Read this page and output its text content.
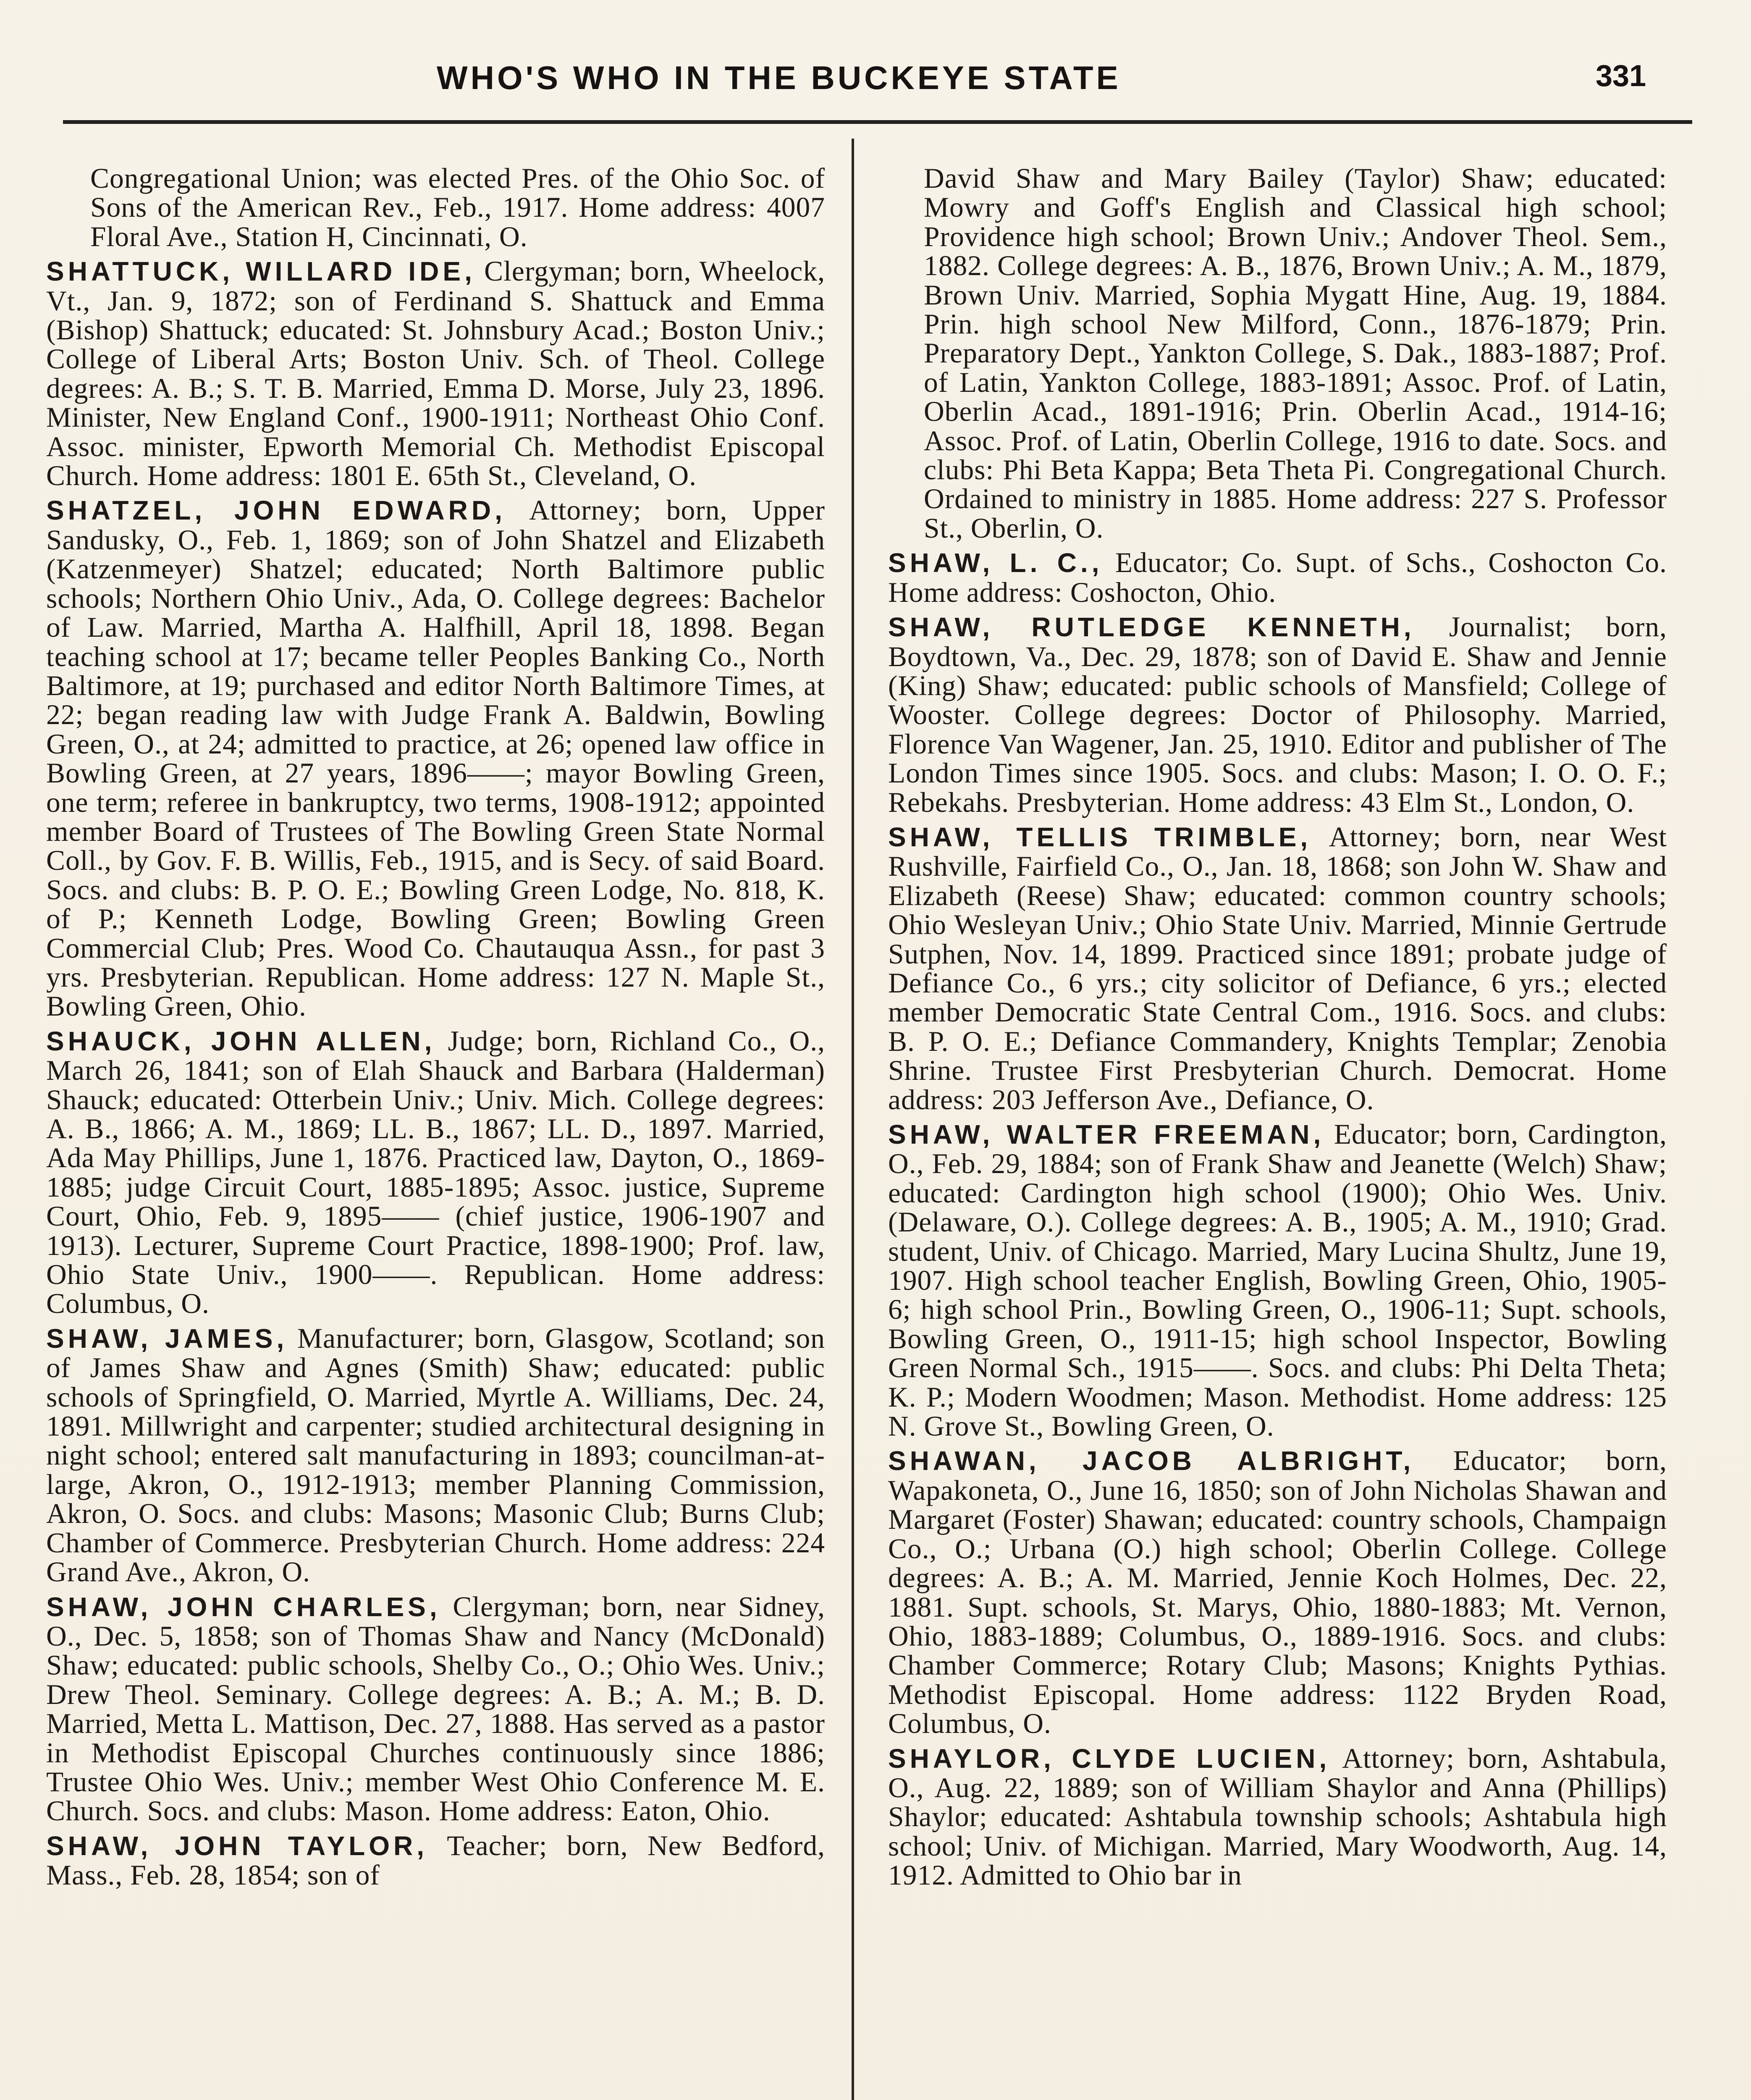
WHO'S WHO IN THE BUCKEYE STATE	331

Congregational Union; was elected Pres. of the Ohio Soc. of Sons of the American Rev., Feb., 1917. Home address: 4007 Floral Ave., Station H, Cincinnati, O.

SHATTUCK, WILLARD IDE, Clergyman; born, Wheelock, Vt., Jan. 9, 1872; son of Ferdinand S. Shattuck and Emma (Bishop) Shattuck; educated: St. Johnsbury Acad.; Boston Univ.; College of Liberal Arts; Boston Univ. Sch. of Theol. College degrees: A. B.; S. T. B. Married, Emma D. Morse, July 23, 1896. Minister, New England Conf., 1900-1911; Northeast Ohio Conf. Assoc. minister, Epworth Memorial Ch. Methodist Episcopal Church. Home address: 1801 E. 65th St., Cleveland, O.

SHATZEL, JOHN EDWARD, Attorney; born, Upper Sandusky, O., Feb. 1, 1869; son of John Shatzel and Elizabeth (Katzenmeyer) Shatzel; educated; North Baltimore public schools; Northern Ohio Univ., Ada, O. College degrees: Bachelor of Law. Married, Martha A. Halfhill, April 18, 1898. Began teaching school at 17; became teller Peoples Banking Co., North Baltimore, at 19; purchased and editor North Baltimore Times, at 22; began reading law with Judge Frank A. Baldwin, Bowling Green, O., at 24; admitted to practice, at 26; opened law office in Bowling Green, at 27 years, 1896——; mayor Bowling Green, one term; referee in bankruptcy, two terms, 1908-1912; appointed member Board of Trustees of The Bowling Green State Normal Coll., by Gov. F. B. Willis, Feb., 1915, and is Secy. of said Board. Socs. and clubs: B. P. O. E.; Bowling Green Lodge, No. 818, K. of P.; Kenneth Lodge, Bowling Green; Bowling Green Commercial Club; Pres. Wood Co. Chautauqua Assn., for past 3 yrs. Presbyterian. Republican. Home address: 127 N. Maple St., Bowling Green, Ohio.

SHAUCK, JOHN ALLEN, Judge; born, Richland Co., O., March 26, 1841; son of Elah Shauck and Barbara (Halderman) Shauck; educated: Otterbein Univ.; Univ. Mich. College degrees: A. B., 1866; A. M., 1869; LL. B., 1867; LL. D., 1897. Married, Ada May Phillips, June 1, 1876. Practiced law, Dayton, O., 1869-1885; judge Circuit Court, 1885-1895; Assoc. justice, Supreme Court, Ohio, Feb. 9, 1895—— (chief justice, 1906-1907 and 1913). Lecturer, Supreme Court Practice, 1898-1900; Prof. law, Ohio State Univ., 1900——. Republican. Home address: Columbus, O.

SHAW, JAMES, Manufacturer; born, Glasgow, Scotland; son of James Shaw and Agnes (Smith) Shaw; educated: public schools of Springfield, O. Married, Myrtle A. Williams, Dec. 24, 1891. Millwright and carpenter; studied architectural designing in night school; entered salt manufacturing in 1893; councilman-at-large, Akron, O., 1912-1913; member Planning Commission, Akron, O. Socs. and clubs: Masons; Masonic Club; Burns Club; Chamber of Commerce. Presbyterian Church. Home address: 224 Grand Ave., Akron, O.

SHAW, JOHN CHARLES, Clergyman; born, near Sidney, O., Dec. 5, 1858; son of Thomas Shaw and Nancy (McDonald) Shaw; educated: public schools, Shelby Co., O.; Ohio Wes. Univ.; Drew Theol. Seminary. College degrees: A. B.; A. M.; B. D. Married, Metta L. Mattison, Dec. 27, 1888. Has served as a pastor in Methodist Episcopal Churches continuously since 1886; Trustee Ohio Wes. Univ.; member West Ohio Conference M. E. Church. Socs. and clubs: Mason. Home address: Eaton, Ohio.

SHAW, JOHN TAYLOR, Teacher; born, New Bedford, Mass., Feb. 28, 1854; son of

David Shaw and Mary Bailey (Taylor) Shaw; educated: Mowry and Goff's English and Classical high school; Providence high school; Brown Univ.; Andover Theol. Sem., 1882. College degrees: A. B., 1876, Brown Univ.; A. M., 1879, Brown Univ. Married, Sophia Mygatt Hine, Aug. 19, 1884. Prin. high school New Milford, Conn., 1876-1879; Prin. Preparatory Dept., Yankton College, S. Dak., 1883-1887; Prof. of Latin, Yankton College, 1883-1891; Assoc. Prof. of Latin, Oberlin Acad., 1891-1916; Prin. Oberlin Acad., 1914-16; Assoc. Prof. of Latin, Oberlin College, 1916 to date. Socs. and clubs: Phi Beta Kappa; Beta Theta Pi. Congregational Church. Ordained to ministry in 1885. Home address: 227 S. Professor St., Oberlin, O.

SHAW, L. C., Educator; Co. Supt. of Schs., Coshocton Co. Home address: Coshocton, Ohio.

SHAW, RUTLEDGE KENNETH, Journalist; born, Boydtown, Va., Dec. 29, 1878; son of David E. Shaw and Jennie (King) Shaw; educated: public schools of Mansfield; College of Wooster. College degrees: Doctor of Philosophy. Married, Florence Van Wagener, Jan. 25, 1910. Editor and publisher of The London Times since 1905. Socs. and clubs: Mason; I. O. O. F.; Rebekahs. Presbyterian. Home address: 43 Elm St., London, O.

SHAW, TELLIS TRIMBLE, Attorney; born, near West Rushville, Fairfield Co., O., Jan. 18, 1868; son John W. Shaw and Elizabeth (Reese) Shaw; educated: common country schools; Ohio Wesleyan Univ.; Ohio State Univ. Married, Minnie Gertrude Sutphen, Nov. 14, 1899. Practiced since 1891; probate judge of Defiance Co., 6 yrs.; city solicitor of Defiance, 6 yrs.; elected member Democratic State Central Com., 1916. Socs. and clubs: B. P. O. E.; Defiance Commandery, Knights Templar; Zenobia Shrine. Trustee First Presbyterian Church. Democrat. Home address: 203 Jefferson Ave., Defiance, O.

SHAW, WALTER FREEMAN, Educator; born, Cardington, O., Feb. 29, 1884; son of Frank Shaw and Jeanette (Welch) Shaw; educated: Cardington high school (1900); Ohio Wes. Univ. (Delaware, O.). College degrees: A. B., 1905; A. M., 1910; Grad. student, Univ. of Chicago. Married, Mary Lucina Shultz, June 19, 1907. High school teacher English, Bowling Green, Ohio, 1905-6; high school Prin., Bowling Green, O., 1906-11; Supt. schools, Bowling Green, O., 1911-15; high school Inspector, Bowling Green Normal Sch., 1915——. Socs. and clubs: Phi Delta Theta; K. P.; Modern Woodmen; Mason. Methodist. Home address: 125 N. Grove St., Bowling Green, O.

SHAWAN, JACOB ALBRIGHT, Educator; born, Wapakoneta, O., June 16, 1850; son of John Nicholas Shawan and Margaret (Foster) Shawan; educated: country schools, Champaign Co., O.; Urbana (O.) high school; Oberlin College. College degrees: A. B.; A. M. Married, Jennie Koch Holmes, Dec. 22, 1881. Supt. schools, St. Marys, Ohio, 1880-1883; Mt. Vernon, Ohio, 1883-1889; Columbus, O., 1889-1916. Socs. and clubs: Chamber Commerce; Rotary Club; Masons; Knights Pythias. Methodist Episcopal. Home address: 1122 Bryden Road, Columbus, O.

SHAYLOR, CLYDE LUCIEN, Attorney; born, Ashtabula, O., Aug. 22, 1889; son of William Shaylor and Anna (Phillips) Shaylor; educated: Ashtabula township schools; Ashtabula high school; Univ. of Michigan. Married, Mary Woodworth, Aug. 14, 1912. Admitted to Ohio bar in
